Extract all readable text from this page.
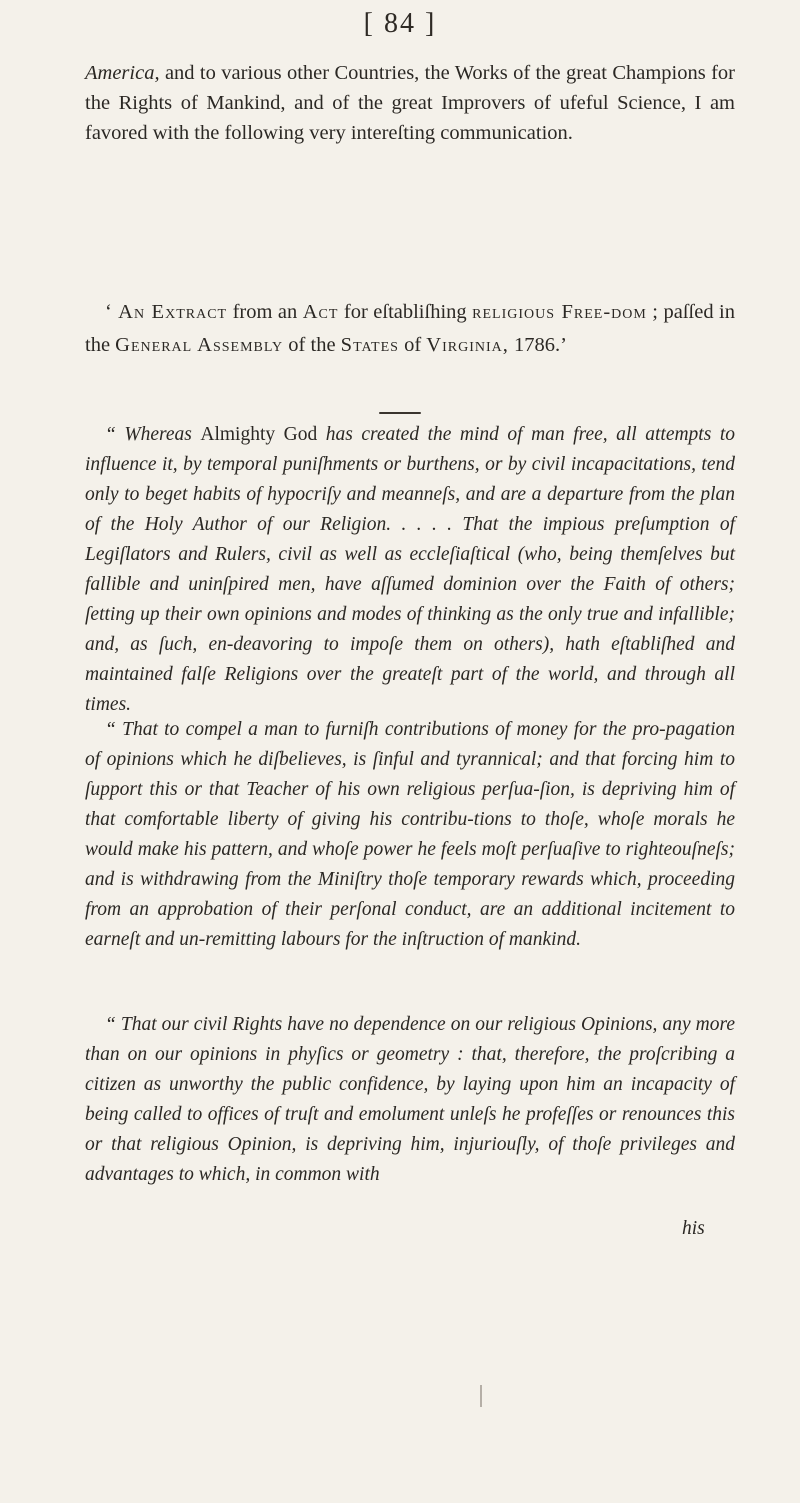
[ 84 ]

America, and to various other Countries, the Works of the great Champions for the Rights of Mankind, and of the great Improvers of ufeful Science, I am favored with the following very intereſting communication.

‘ An Extract from an Act for eſtabliſhing religious Free-dom ; paſſed in the General Assembly of the States of Virginia, 1786.’

“ Whereas Almighty God has created the mind of man free, all attempts to influence it, by temporal puniſhments or burthens, or by civil incapacitations, tend only to beget habits of hypocriſy and meanneſs, and are a departure from the plan of the Holy Author of our Religion. . . . . That the impious preſumption of Legiſlators and Rulers, civil as well as eccleſiaſtical (who, being themſelves but fallible and uninſpired men, have aſſumed dominion over the Faith of others; ſetting up their own opinions and modes of thinking as the only true and infallible; and, as ſuch, en-deavoring to impoſe them on others), hath eſtabliſhed and maintained falſe Religions over the greateſt part of the world, and through all times.

“ That to compel a man to furniſh contributions of money for the pro-pagation of opinions which he diſbelieves, is ſinful and tyrannical; and that forcing him to ſupport this or that Teacher of his own religious perſua-ſion, is depriving him of that comfortable liberty of giving his contribu-tions to thoſe, whoſe morals he would make his pattern, and whoſe power he feels moſt perſuaſive to righteouſneſs; and is withdrawing from the Miniſtry thoſe temporary rewards which, proceeding from an approbation of their perſonal conduct, are an additional incitement to earneſt and un-remitting labours for the inſtruction of mankind.

“ That our civil Rights have no dependence on our religious Opinions, any more than on our opinions in phyſics or geometry : that, therefore, the proſcribing a citizen as unworthy the public confidence, by laying upon him an incapacity of being called to offices of truſt and emolument unleſs he profeſſes or renounces this or that religious Opinion, is depriving him, injuriouſly, of thoſe privileges and advantages to which, in common with

his
